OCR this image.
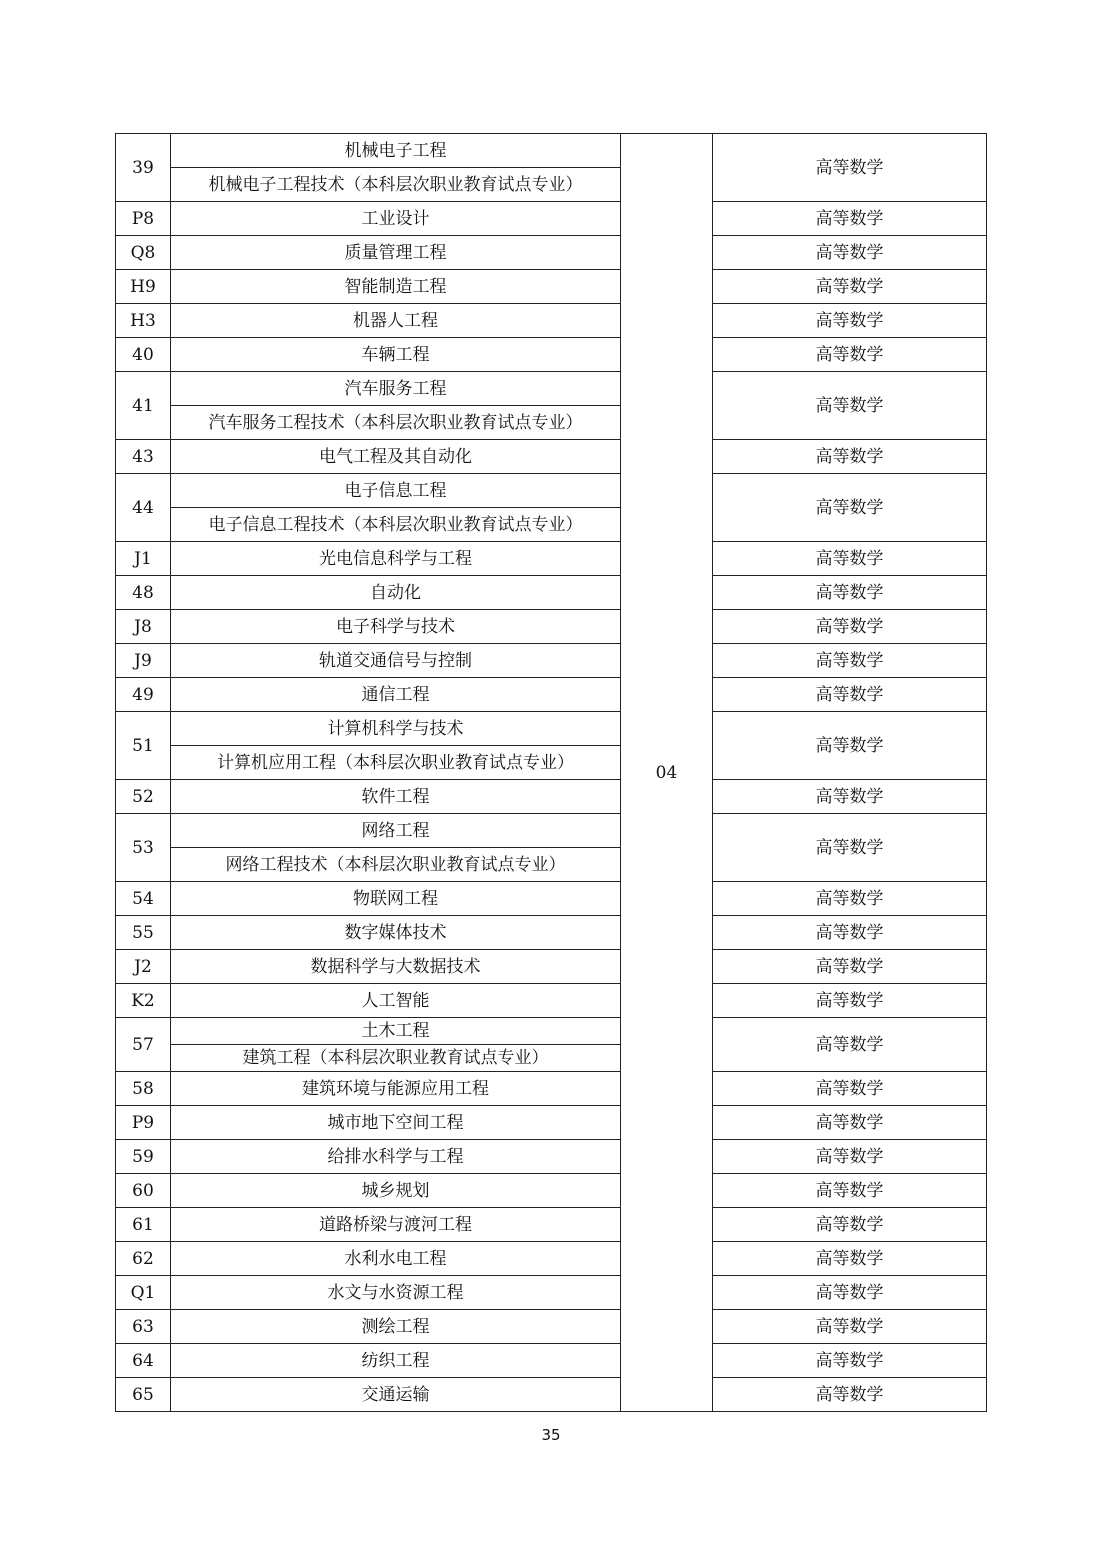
39	机械电子工程	04	高等数学
	机械电子工程技术（本科层次职业教育试点专业）		
P8	工业设计		高等数学
Q8	质量管理工程		高等数学
H9	智能制造工程		高等数学
H3	机器人工程		高等数学
40	车辆工程		高等数学
41	汽车服务工程		高等数学
	汽车服务工程技术（本科层次职业教育试点专业）		
43	电气工程及其自动化		高等数学
44	电子信息工程		高等数学
	电子信息工程技术（本科层次职业教育试点专业）		
J1	光电信息科学与工程		高等数学
48	自动化		高等数学
J8	电子科学与技术		高等数学
J9	轨道交通信号与控制		高等数学
49	通信工程		高等数学
51	计算机科学与技术		高等数学
	计算机应用工程（本科层次职业教育试点专业）		
52	软件工程		高等数学
53	网络工程		高等数学
	网络工程技术（本科层次职业教育试点专业）		
54	物联网工程		高等数学
55	数字媒体技术		高等数学
J2	数据科学与大数据技术		高等数学
K2	人工智能		高等数学
57	土木工程		高等数学
	建筑工程（本科层次职业教育试点专业）		
58	建筑环境与能源应用工程		高等数学
P9	城市地下空间工程		高等数学
59	给排水科学与工程		高等数学
60	城乡规划		高等数学
61	道路桥梁与渡河工程		高等数学
62	水利水电工程		高等数学
Q1	水文与水资源工程		高等数学
63	测绘工程		高等数学
64	纺织工程		高等数学
65	交通运输		高等数学
35
